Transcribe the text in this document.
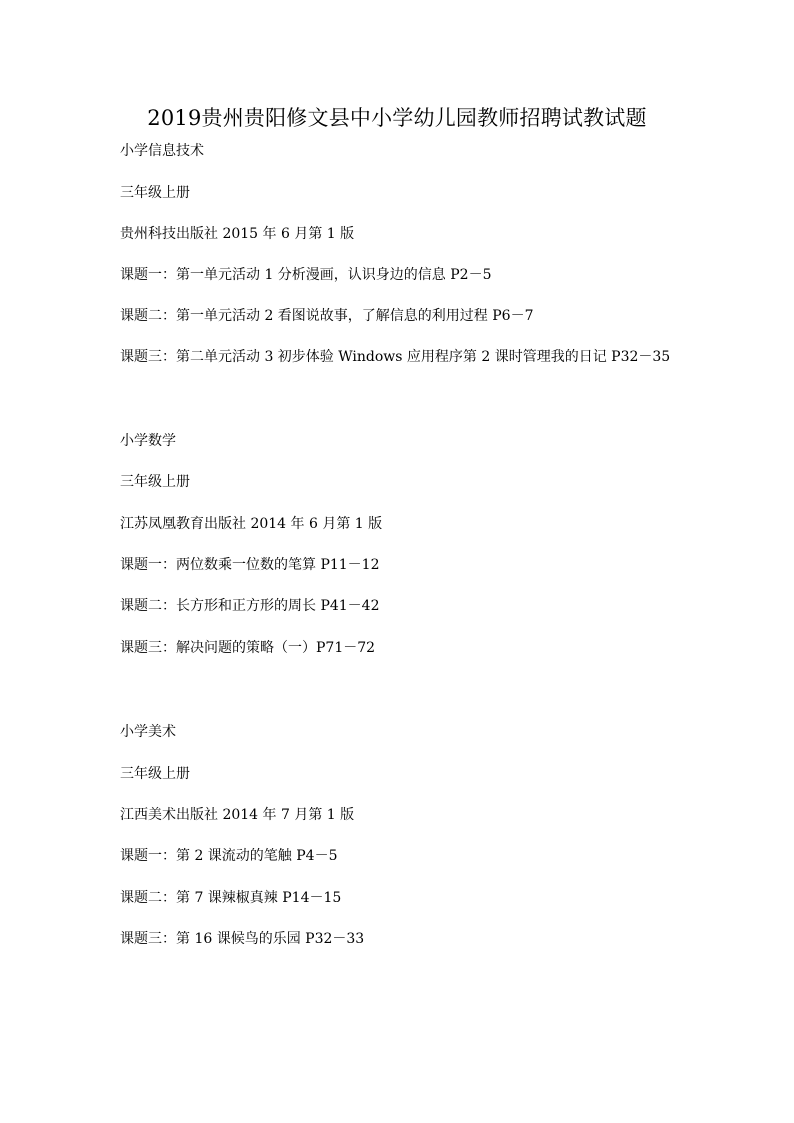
2019贵州贵阳修文县中小学幼儿园教师招聘试教试题
小学信息技术
三年级上册
贵州科技出版社 2015 年 6 月第 1 版
课题一：第一单元活动 1 分析漫画，认识身边的信息 P2－5
课题二：第一单元活动 2 看图说故事，了解信息的利用过程 P6－7
课题三：第二单元活动 3 初步体验 Windows 应用程序第 2 课时管理我的日记 P32－35
小学数学
三年级上册
江苏凤凰教育出版社 2014 年 6 月第 1 版
课题一：两位数乘一位数的笔算 P11－12
课题二：长方形和正方形的周长 P41－42
课题三：解决问题的策略（一）P71－72
小学美术
三年级上册
江西美术出版社 2014 年 7 月第 1 版
课题一：第 2 课流动的笔触 P4－5
课题二：第 7 课辣椒真辣 P14－15
课题三：第 16 课候鸟的乐园 P32－33
